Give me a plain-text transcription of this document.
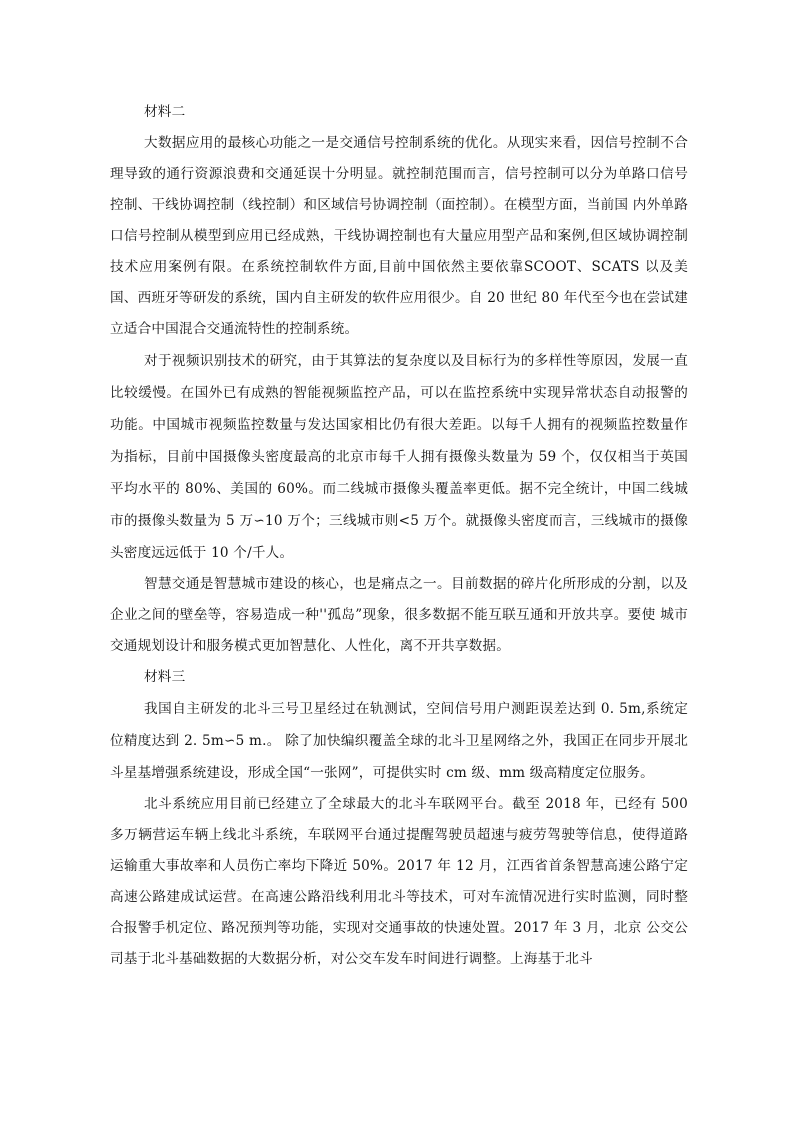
材料二

大数据应用的最核心功能之一是交通信号控制系统的优化。从现实来看，因信号控制不合理导致的通行资源浪费和交通延误十分明显。就控制范围而言，信号控制可以分为单路口信号控制、干线协调控制（线控制）和区域信号协调控制（面控制）。在模型方面，当前国 内外单路口信号控制从模型到应用已经成熟，干线协调控制也有大量应用型产品和案例,但区域协调控制技术应用案例有限。在系统控制软件方面,目前中国依然主要依靠SCOOT、SCATS 以及美国、西班牙等研发的系统，国内自主研发的软件应用很少。自 20 世纪 80 年代至今也在尝试建立适合中国混合交通流特性的控制系统。

对于视频识别技术的研究，由于其算法的复杂度以及目标行为的多样性等原因，发展一直比较缓慢。在国外已有成熟的智能视频监控产品，可以在监控系统中实现异常状态自动报警的功能。中国城市视频监控数量与发达国家相比仍有很大差距。以每千人拥有的视频监控数量作为指标，目前中国摄像头密度最高的北京市每千人拥有摄像头数量为 59 个，仅仅相当于英国平均水平的 80%、美国的 60%。而二线城市摄像头覆盖率更低。据不完全统计，中国二线城市的摄像头数量为 5 万∽10 万个；三线城市则<5 万个。就摄像头密度而言，三线城市的摄像头密度远远低于 10 个/千人。

智慧交通是智慧城市建设的核心，也是痛点之一。目前数据的碎片化所形成的分割，以及企业之间的壁垒等，容易造成一种''孤岛”现象，很多数据不能互联互通和开放共享。要使 城市交通规划设计和服务模式更加智慧化、人性化，离不开共享数据。

材料三

我国自主研发的北斗三号卫星经过在轨测试，空间信号用户测距误差达到 0. 5m,系统定位精度达到 2. 5m∽5 m.。 除了加快编织覆盖全球的北斗卫星网络之外，我国正在同步开展北斗星基增强系统建设，形成全国“一张网”，可提供实时 cm 级、mm 级高精度定位服务。

北斗系统应用目前已经建立了全球最大的北斗车联网平台。截至 2018 年，已经有 500多万辆营运车辆上线北斗系统，车联网平台通过提醒驾驶员超速与疲劳驾驶等信息，使得道路运输重大事故率和人员伤亡率均下降近 50%。2017 年 12 月，江西省首条智慧高速公路宁定高速公路建成试运营。在高速公路沿线利用北斗等技术，可对车流情况进行实时监测，同时整合报警手机定位、路况预判等功能，实现对交通事故的快速处置。2017 年 3 月，北京 公交公司基于北斗基础数据的大数据分析，对公交车发车时间进行调整。上海基于北斗
